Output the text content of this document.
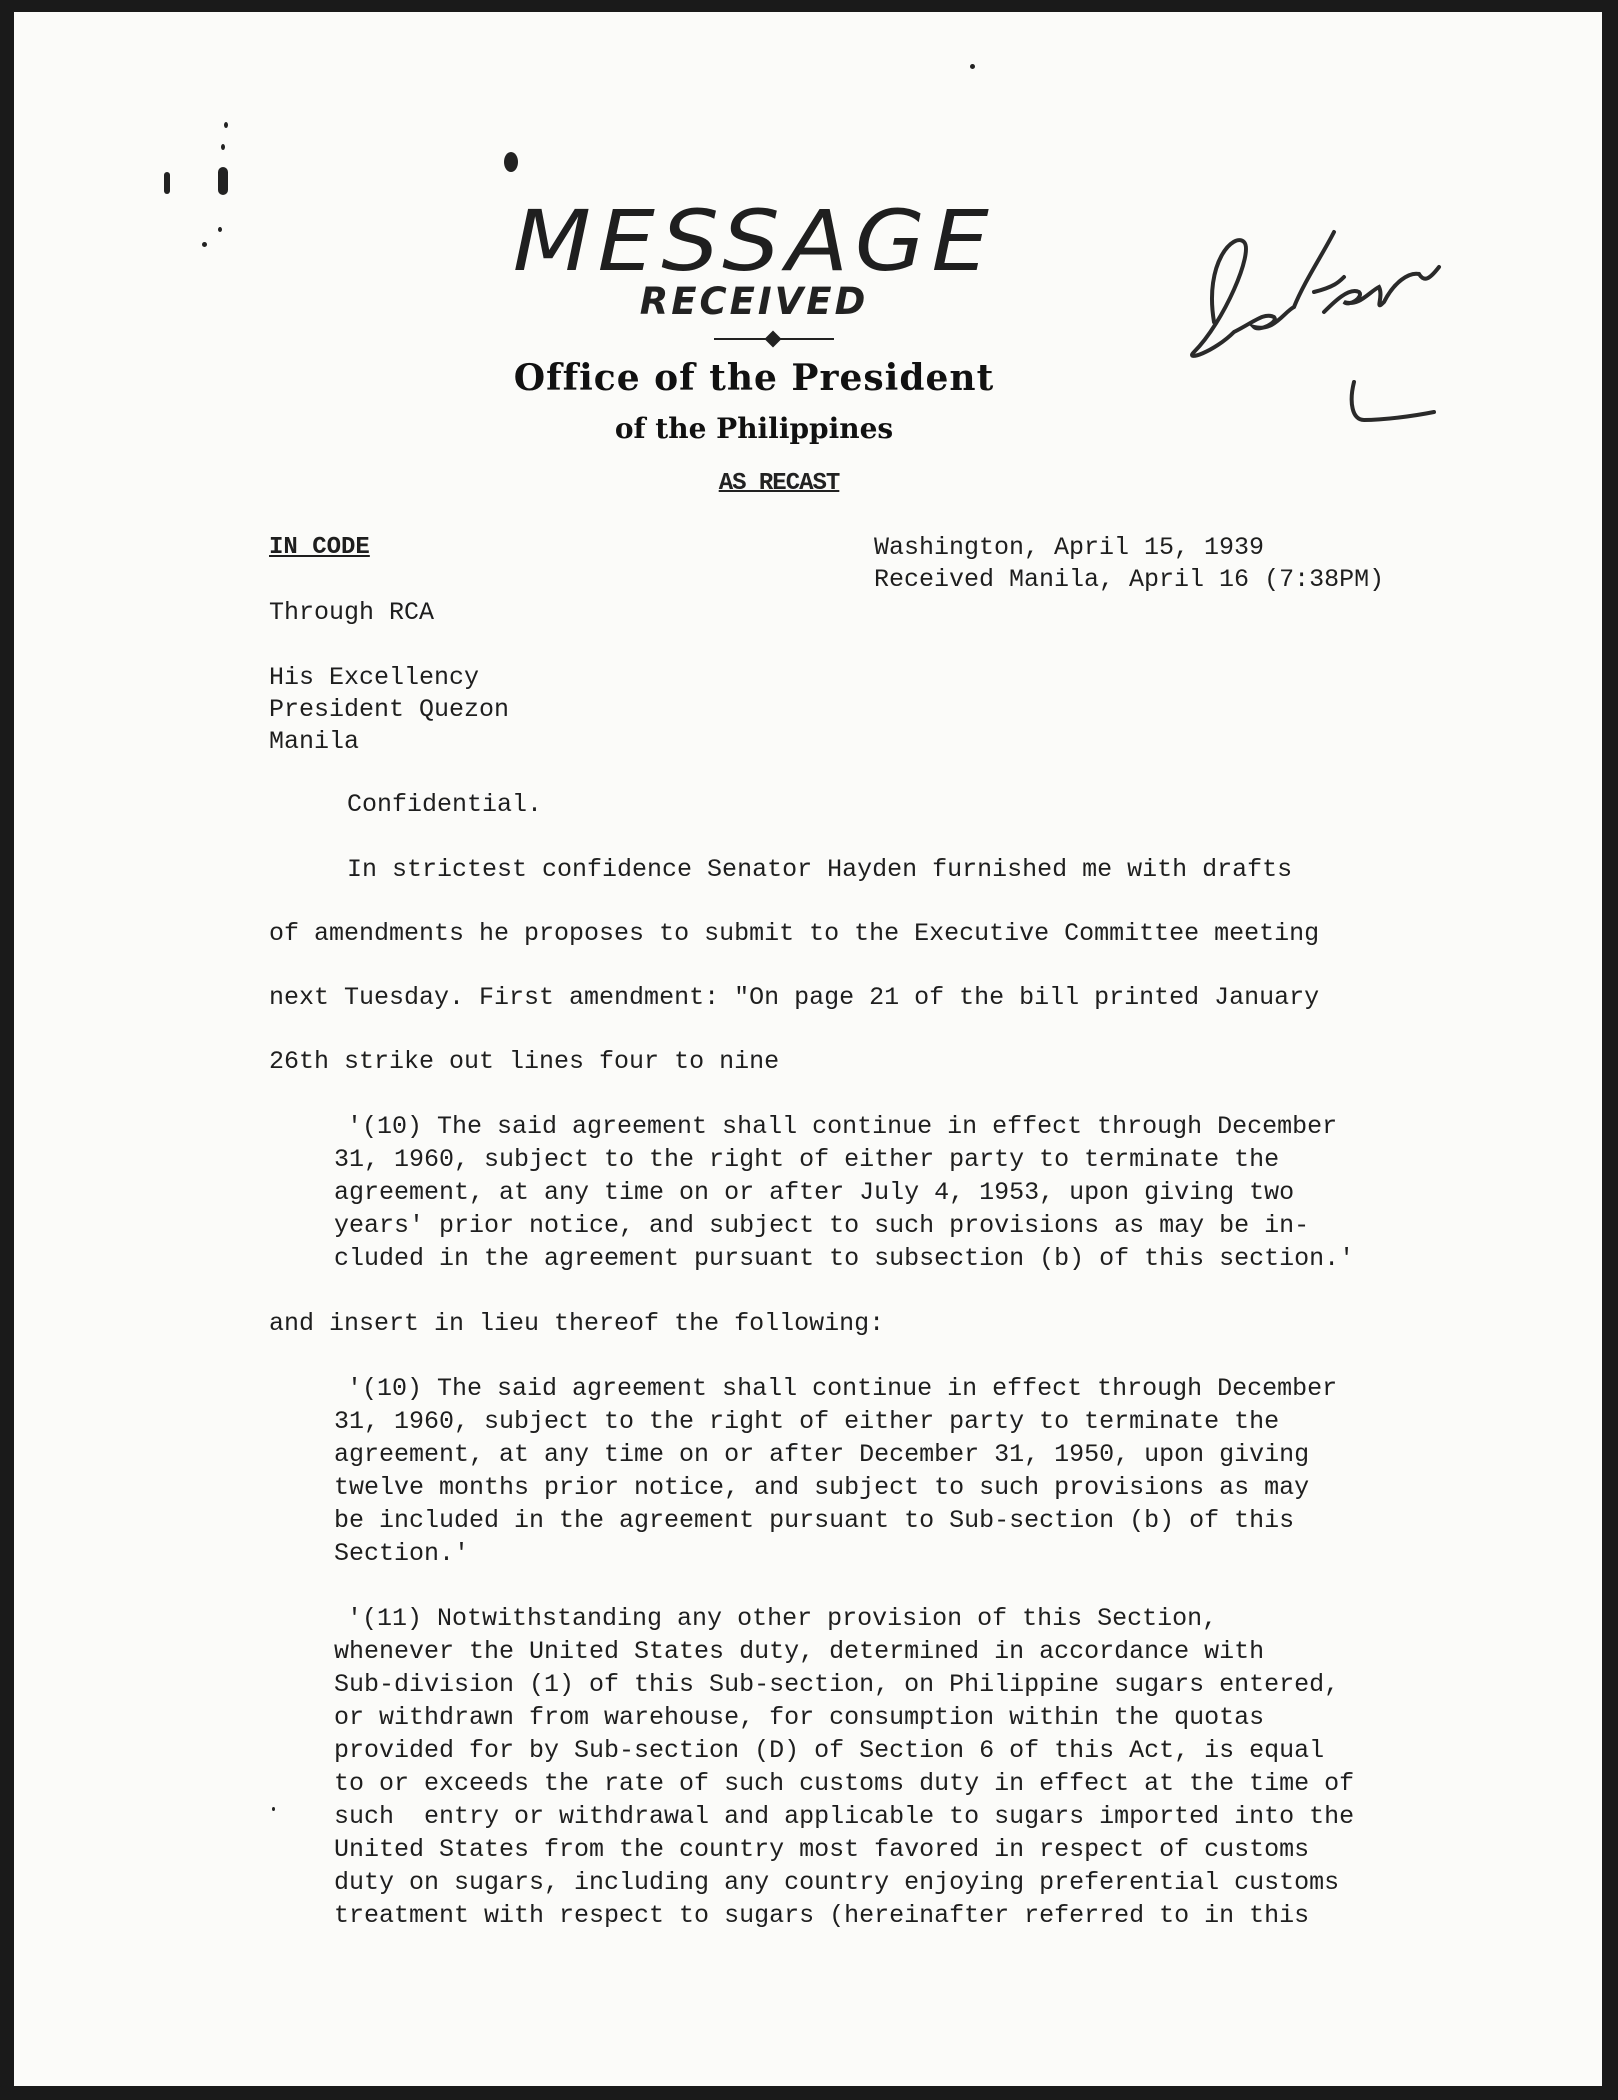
MESSAGE
RECEIVED
Office of the President
of the Philippines
AS RECAST
IN CODE	Washington, April 15, 1939
Received Manila, April 16 (7:38PM)
Through RCA
His Excellency
President Quezon
Manila
Confidential.
In strictest confidence Senator Hayden furnished me with drafts
of amendments he proposes to submit to the Executive Committee meeting
next Tuesday. First amendment: "On page 21 of the bill printed January
26th strike out lines four to nine
'(10) The said agreement shall continue in effect through December
31, 1960, subject to the right of either party to terminate the
agreement, at any time on or after July 4, 1953, upon giving two
years' prior notice, and subject to such provisions as may be in-
cluded in the agreement pursuant to subsection (b) of this section.'
and insert in lieu thereof the following:
'(10) The said agreement shall continue in effect through December
31, 1960, subject to the right of either party to terminate the
agreement, at any time on or after December 31, 1950, upon giving
twelve months prior notice, and subject to such provisions as may
be included in the agreement pursuant to Sub-section (b) of this
Section.'
'(11) Notwithstanding any other provision of this Section,
whenever the United States duty, determined in accordance with
Sub-division (1) of this Sub-section, on Philippine sugars entered,
or withdrawn from warehouse, for consumption within the quotas
provided for by Sub-section (D) of Section 6 of this Act, is equal
to or exceeds the rate of such customs duty in effect at the time of
such  entry or withdrawal and applicable to sugars imported into the
United States from the country most favored in respect of customs
duty on sugars, including any country enjoying preferential customs
treatment with respect to sugars (hereinafter referred to in this
